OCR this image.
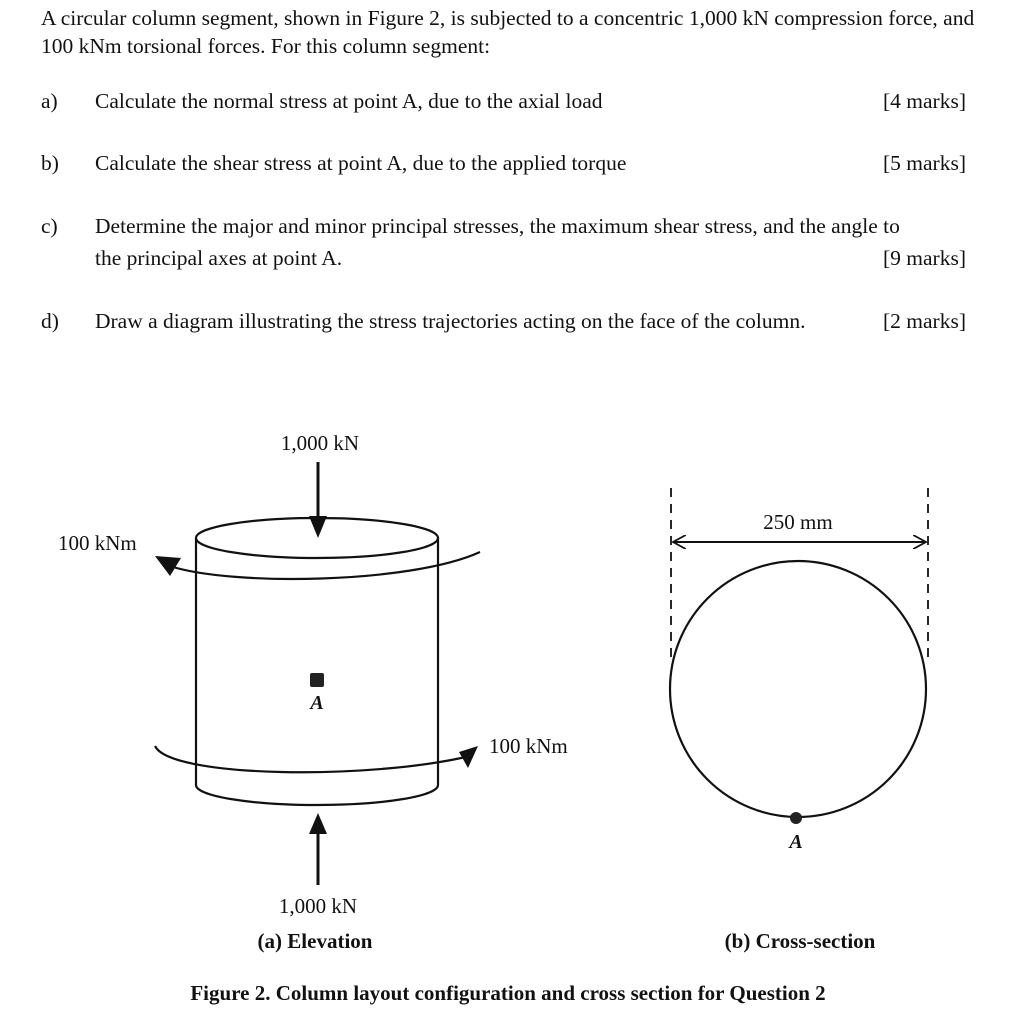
A circular column segment, shown in Figure 2, is subjected to a concentric 1,000 kN compression force, and 100 kNm torsional forces. For this column segment:
a) Calculate the normal stress at point A, due to the axial load	[4 marks]
b) Calculate the shear stress at point A, due to the applied torque	[5 marks]
c) Determine the major and minor principal stresses, the maximum shear stress, and the angle to
the principal axes at point A.	[9 marks]
d) Draw a diagram illustrating the stress trajectories acting on the face of the column.	[2 marks]
1,000 kN
100 kNm
A
100 kNm
1,000 kN
(a) Elevation
250 mm
A
(b) Cross-section
Figure 2. Column layout configuration and cross section for Question 2
